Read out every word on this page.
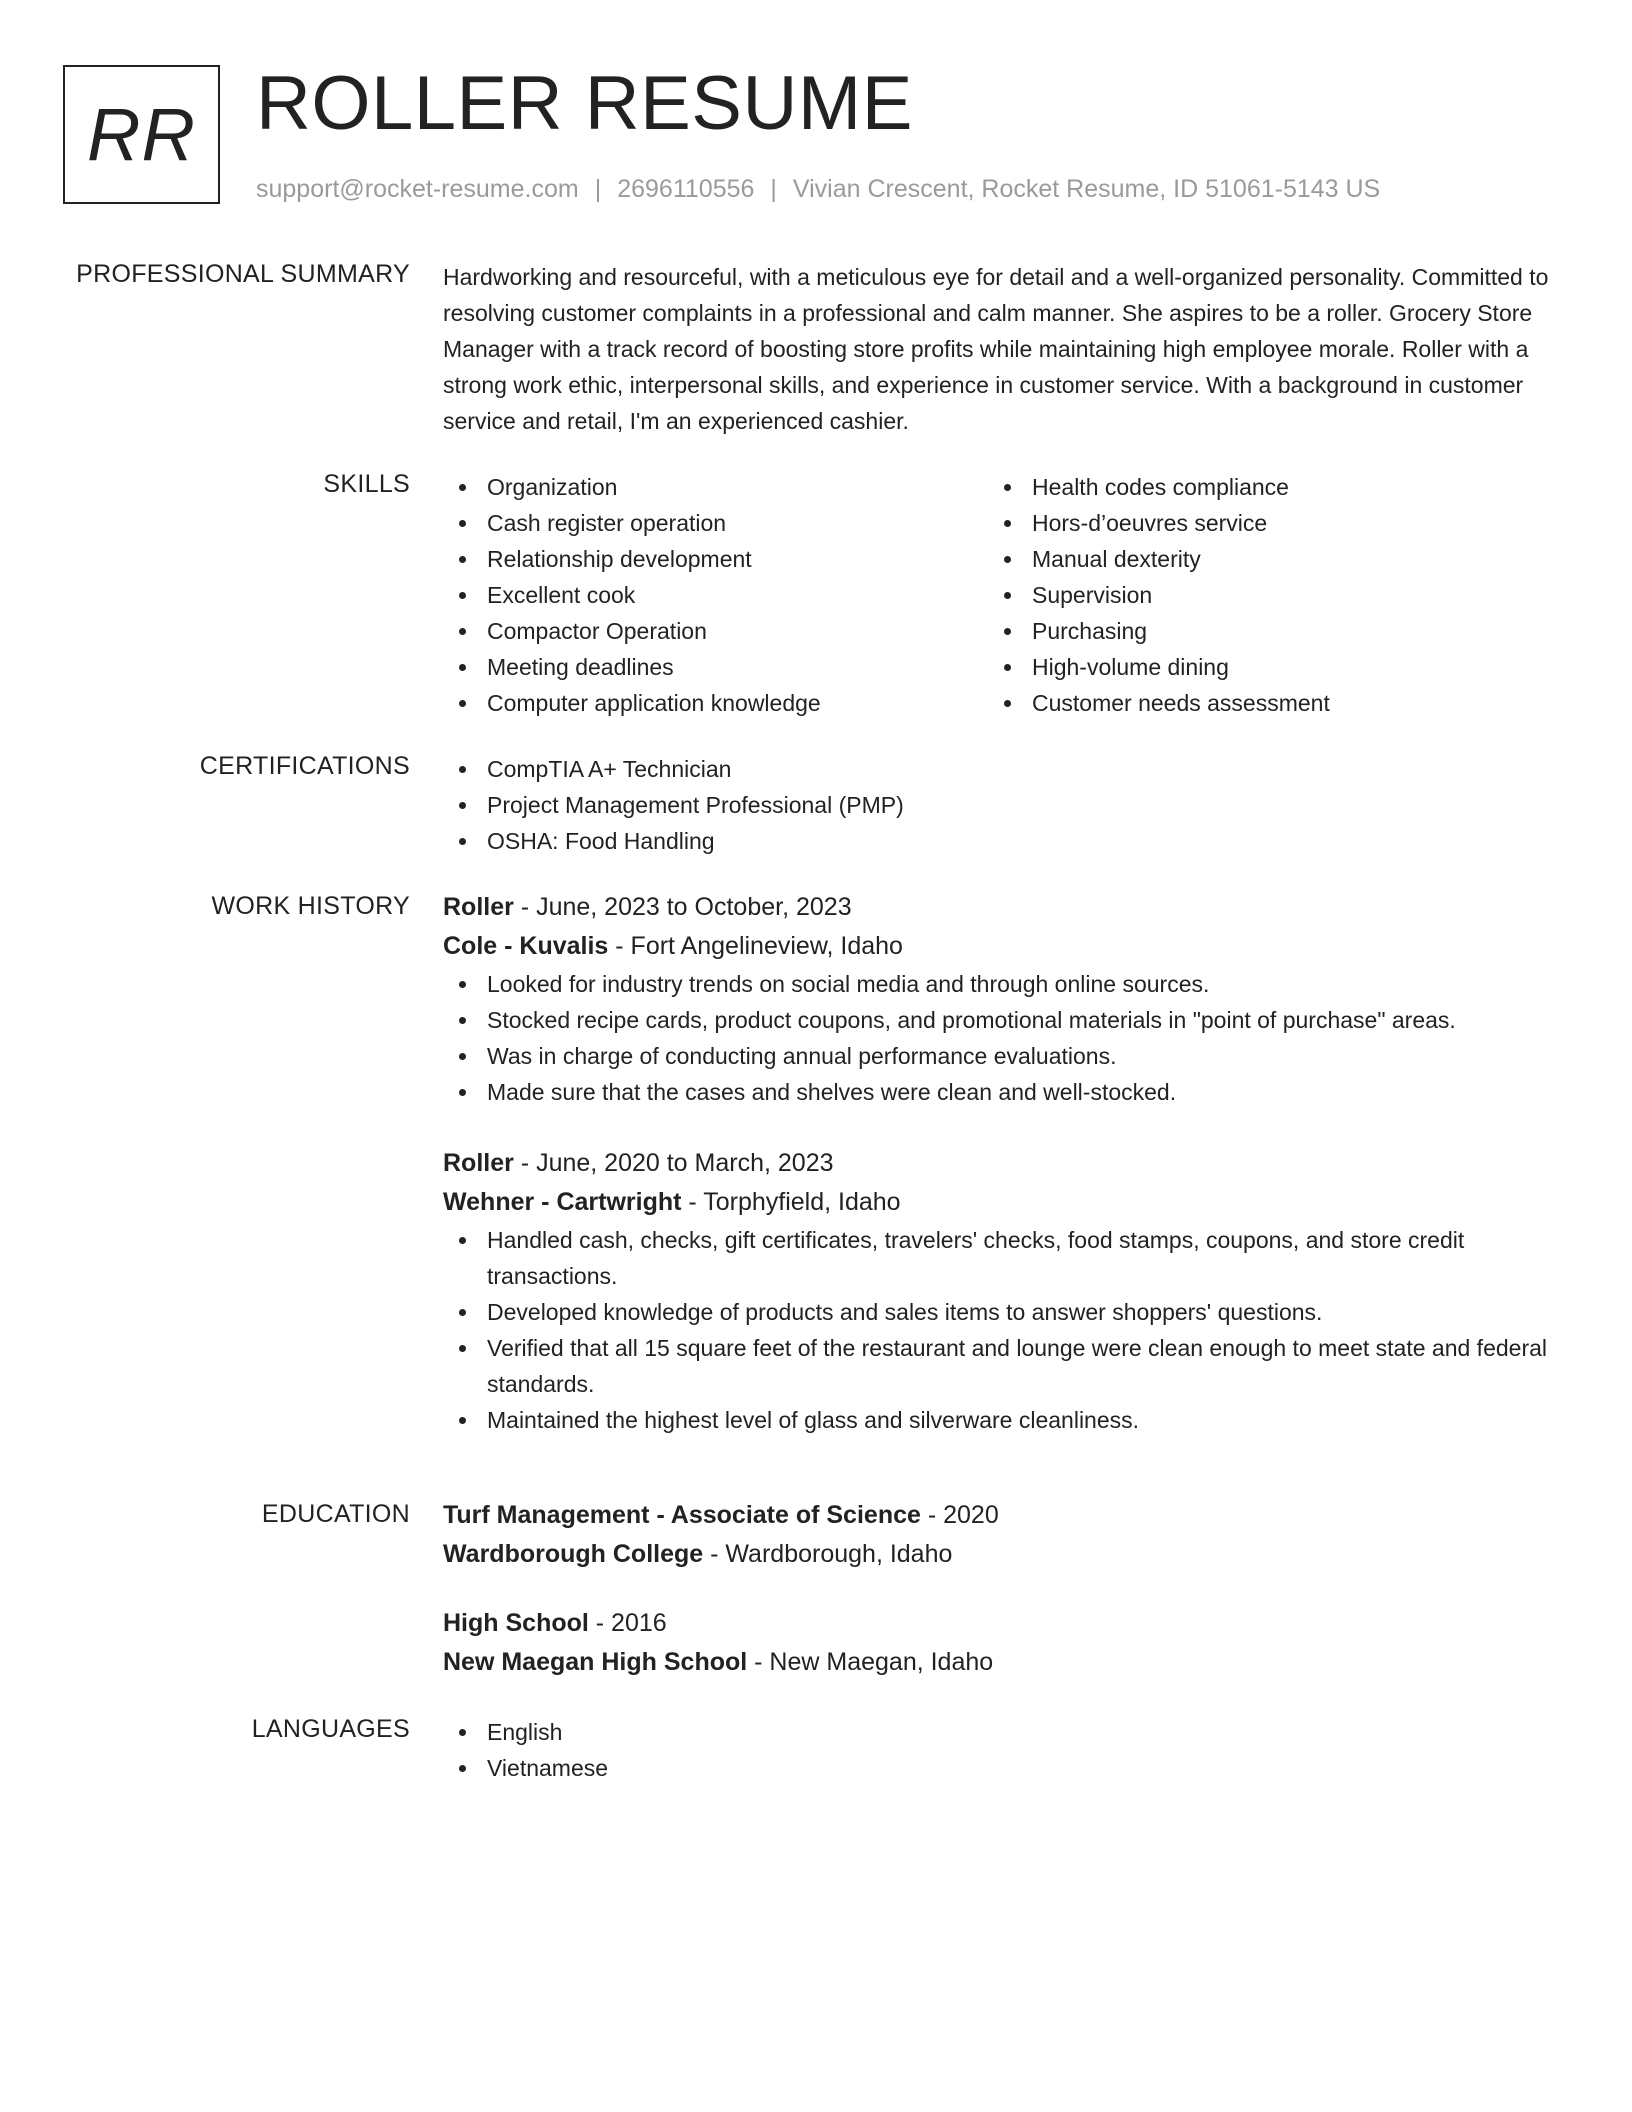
RR ROLLER RESUME
support@rocket-resume.com | 2696110556 | Vivian Crescent, Rocket Resume, ID 51061-5143 US
PROFESSIONAL SUMMARY Hardworking and resourceful, with a meticulous eye for detail and a well-organized personality. Committed to resolving customer complaints in a professional and calm manner. She aspires to be a roller. Grocery Store Manager with a track record of boosting store profits while maintaining high employee morale. Roller with a strong work ethic, interpersonal skills, and experience in customer service. With a background in customer service and retail, I'm an experienced cashier.

SKILLS	Organization
Cash register operation
Relationship development
Excellent cook
Compactor Operation
Meeting deadlines
Computer application knowledge
Health codes compliance
Hors-d’oeuvres service
Manual dexterity
Supervision
Purchasing
High-volume dining
Customer needs assessment
CERTIFICATIONS	CompTIA A+ Technician
Project Management Professional (PMP)
OSHA: Food Handling
WORK HISTORY Roller - June, 2023 to October, 2023
Cole - Kuvalis - Fort Angelineview, Idaho
Looked for industry trends on social media and through online sources.
Stocked recipe cards, product coupons, and promotional materials in "point of purchase" areas.
Was in charge of conducting annual performance evaluations.
Made sure that the cases and shelves were clean and well-stocked.
Roller - June, 2020 to March, 2023
Wehner - Cartwright - Torphyfield, Idaho
Handled cash, checks, gift certificates, travelers' checks, food stamps, coupons, and store credit transactions.
Developed knowledge of products and sales items to answer shoppers' questions.
Verified that all 15 square feet of the restaurant and lounge were clean enough to meet state and federal standards.
Maintained the highest level of glass and silverware cleanliness.
EDUCATION Turf Management - Associate of Science - 2020
Wardborough College - Wardborough, Idaho
High School - 2016
New Maegan High School - New Maegan, Idaho
LANGUAGES	English
Vietnamese
